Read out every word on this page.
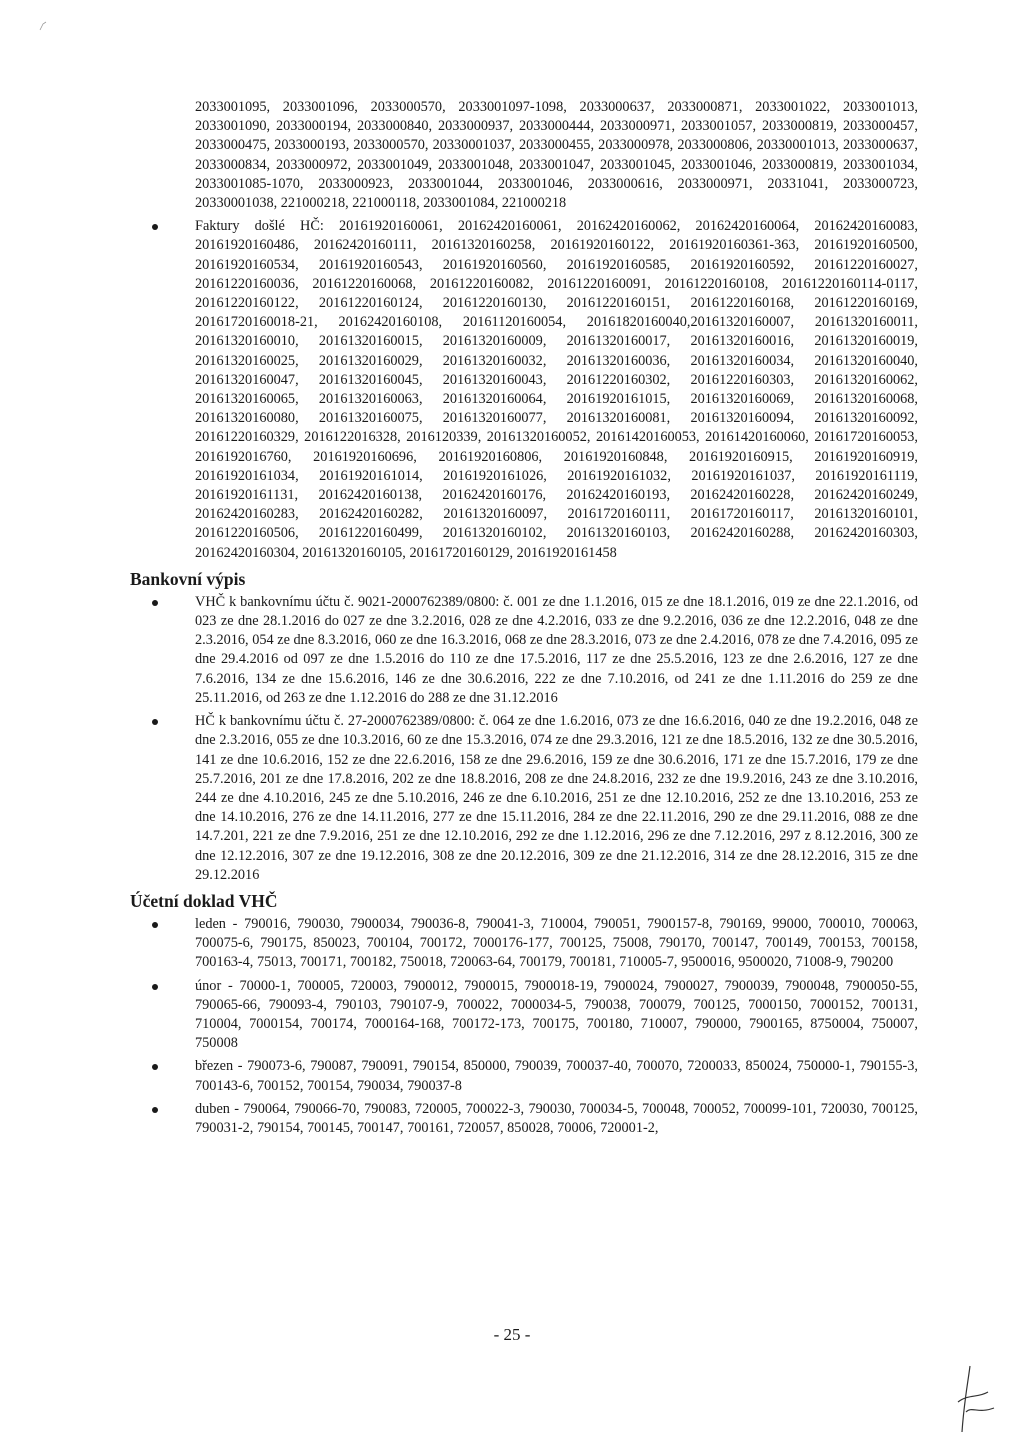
2033001095, 2033001096, 2033000570, 2033001097-1098, 2033000637, 2033000871, 2033001022, 2033001013, 2033001090, 2033000194, 2033000840, 2033000937, 2033000444, 2033000971, 2033001057, 2033000819, 2033000457, 2033000475, 2033000193, 2033000570, 20330001037, 2033000455, 2033000978, 2033000806, 20330001013, 2033000637, 2033000834, 2033000972, 2033001049, 2033001048, 2033001047, 2033001045, 2033001046, 2033000819, 2033001034, 2033001085-1070, 2033000923, 2033001044, 2033001046, 2033000616, 2033000971, 20331041, 2033000723, 20330001038, 221000218, 221000118, 2033001084, 221000218
Faktury došlé HČ: 20161920160061, 20162420160061, 20162420160062, 20162420160064, 20162420160083, 20161920160486, 20162420160111, 20161320160258, 20161920160122, 20161920160361-363, 20161920160500, 20161920160534, 20161920160543, 20161920160560, 20161920160585, 20161920160592, 20161220160027, 20161220160036, 20161220160068, 20161220160082, 20161220160091, 20161220160108, 20161220160114-0117, 20161220160122, 20161220160124, 20161220160130, 20161220160151, 20161220160168, 20161220160169, 20161720160018-21, 20162420160108, 20161120160054, 20161820160040,20161320160007, 20161320160011, 20161320160010, 20161320160015, 20161320160009, 20161320160017, 20161320160016, 20161320160019, 20161320160025, 20161320160029, 20161320160032, 20161320160036, 20161320160034, 20161320160040, 20161320160047, 20161320160045, 20161320160043, 20161220160302, 20161220160303, 20161320160062, 20161320160065, 20161320160063, 20161320160064, 20161920161015, 20161320160069, 20161320160068, 20161320160080, 20161320160075, 20161320160077, 20161320160081, 20161320160094, 20161320160092, 20161220160329, 2016122016328, 2016120339, 20161320160052, 20161420160053, 20161420160060, 20161720160053, 2016192016760, 20161920160696, 20161920160806, 20161920160848, 20161920160915, 20161920160919, 20161920161034, 20161920161014, 20161920161026, 20161920161032, 20161920161037, 20161920161119, 20161920161131, 20162420160138, 20162420160176, 20162420160193, 20162420160228, 20162420160249, 20162420160283, 20162420160282, 20161320160097, 20161720160111, 20161720160117, 20161320160101, 20161220160506, 20161220160499, 20161320160102, 20161320160103, 20162420160288, 20162420160303, 20162420160304, 20161320160105, 20161720160129, 20161920161458
Bankovní výpis
VHČ k bankovnímu účtu č. 9021-2000762389/0800: č. 001 ze dne 1.1.2016, 015 ze dne 18.1.2016, 019 ze dne 22.1.2016, od 023 ze dne 28.1.2016 do 027 ze dne 3.2.2016, 028 ze dne 4.2.2016, 033 ze dne 9.2.2016, 036 ze dne 12.2.2016, 048 ze dne 2.3.2016, 054 ze dne 8.3.2016, 060 ze dne 16.3.2016, 068 ze dne 28.3.2016, 073 ze dne 2.4.2016, 078 ze dne 7.4.2016, 095 ze dne 29.4.2016 od 097 ze dne 1.5.2016 do 110 ze dne 17.5.2016, 117 ze dne 25.5.2016, 123 ze dne 2.6.2016, 127 ze dne 7.6.2016, 134 ze dne 15.6.2016, 146 ze dne 30.6.2016, 222 ze dne 7.10.2016, od 241 ze dne 1.11.2016 do 259 ze dne 25.11.2016, od 263 ze dne 1.12.2016 do 288 ze dne 31.12.2016
HČ k bankovnímu účtu č. 27-2000762389/0800: č. 064 ze dne 1.6.2016, 073 ze dne 16.6.2016, 040 ze dne 19.2.2016, 048 ze dne 2.3.2016, 055 ze dne 10.3.2016, 60 ze dne 15.3.2016, 074 ze dne 29.3.2016, 121 ze dne 18.5.2016, 132 ze dne 30.5.2016, 141 ze dne 10.6.2016, 152 ze dne 22.6.2016, 158 ze dne 29.6.2016, 159 ze dne 30.6.2016, 171 ze dne 15.7.2016, 179 ze dne 25.7.2016, 201 ze dne 17.8.2016, 202 ze dne 18.8.2016, 208 ze dne 24.8.2016, 232 ze dne 19.9.2016, 243 ze dne 3.10.2016, 244 ze dne 4.10.2016, 245 ze dne 5.10.2016, 246 ze dne 6.10.2016, 251 ze dne 12.10.2016, 252 ze dne 13.10.2016, 253 ze dne 14.10.2016, 276 ze dne 14.11.2016, 277 ze dne 15.11.2016, 284 ze dne 22.11.2016, 290 ze dne 29.11.2016, 088 ze dne 14.7.201, 221 ze dne 7.9.2016, 251 ze dne 12.10.2016, 292 ze dne 1.12.2016, 296 ze dne 7.12.2016, 297 z 8.12.2016, 300 ze dne 12.12.2016, 307 ze dne 19.12.2016, 308 ze dne 20.12.2016, 309 ze dne 21.12.2016, 314 ze dne 28.12.2016, 315 ze dne 29.12.2016
Účetní doklad VHČ
leden - 790016, 790030, 7900034, 790036-8, 790041-3, 710004, 790051, 7900157-8, 790169, 99000, 700010, 700063, 700075-6, 790175, 850023, 700104, 700172, 7000176-177, 700125, 75008, 790170, 700147, 700149, 700153, 700158, 700163-4, 75013, 700171, 700182, 750018, 720063-64, 700179, 700181, 710005-7, 9500016, 9500020, 71008-9, 790200
únor - 70000-1, 700005, 720003, 7900012, 7900015, 7900018-19, 7900024, 7900027, 7900039, 7900048, 7900050-55, 790065-66, 790093-4, 790103, 790107-9, 700022, 7000034-5, 790038, 700079, 700125, 7000150, 7000152, 700131, 710004, 7000154, 700174, 7000164-168, 700172-173, 700175, 700180, 710007, 790000, 7900165, 8750004, 750007, 750008
březen - 790073-6, 790087, 790091, 790154, 850000, 790039, 700037-40, 700070, 7200033, 850024, 750000-1, 790155-3, 700143-6, 700152, 700154, 790034, 790037-8
duben - 790064, 790066-70, 790083, 720005, 700022-3, 790030, 700034-5, 700048, 700052, 700099-101, 720030, 700125, 790031-2, 790154, 700145, 700147, 700161, 720057, 850028, 70006, 720001-2,
- 25 -
